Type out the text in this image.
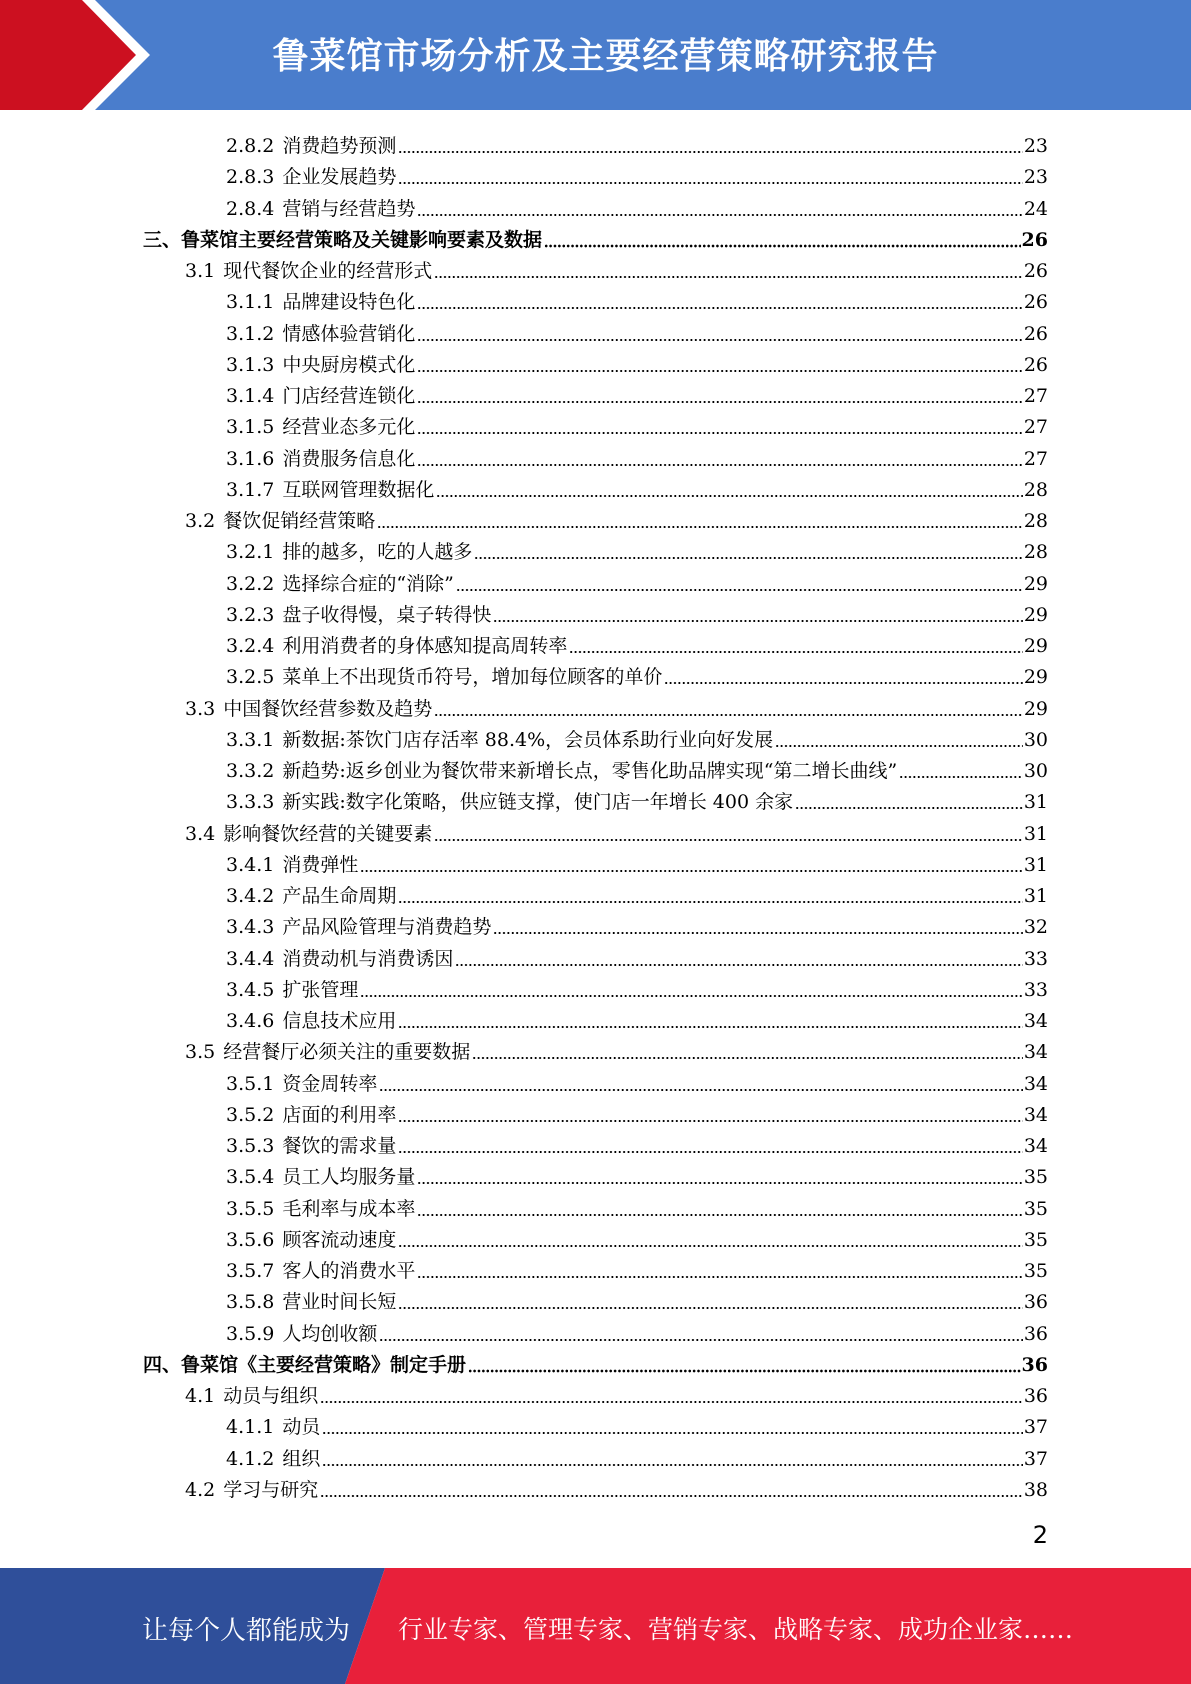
鲁菜馆市场分析及主要经营策略研究报告
2.8.2 消费趋势预测	23
2.8.3 企业发展趋势	23
2.8.4 营销与经营趋势	24
三、鲁菜馆主要经营策略及关键影响要素及数据	26
3.1 现代餐饮企业的经营形式	26
3.1.1 品牌建设特色化	26
3.1.2 情感体验营销化	26
3.1.3 中央厨房模式化	26
3.1.4 门店经营连锁化	27
3.1.5 经营业态多元化	27
3.1.6 消费服务信息化	27
3.1.7 互联网管理数据化	28
3.2 餐饮促销经营策略	28
3.2.1 排的越多，吃的人越多	28
3.2.2 选择综合症的“消除”	29
3.2.3 盘子收得慢，桌子转得快	29
3.2.4 利用消费者的身体感知提高周转率	29
3.2.5 菜单上不出现货币符号，增加每位顾客的单价	29
3.3 中国餐饮经营参数及趋势	29
3.3.1 新数据:茶饮门店存活率 88.4%，会员体系助行业向好发展	30
3.3.2 新趋势:返乡创业为餐饮带来新增长点，零售化助品牌实现“第二增长曲线”	30
3.3.3 新实践:数字化策略，供应链支撑，使门店一年增长 400 余家	31
3.4 影响餐饮经营的关键要素	31
3.4.1 消费弹性	31
3.4.2 产品生命周期	31
3.4.3 产品风险管理与消费趋势	32
3.4.4 消费动机与消费诱因	33
3.4.5 扩张管理	33
3.4.6 信息技术应用	34
3.5 经营餐厅必须关注的重要数据	34
3.5.1 资金周转率	34
3.5.2 店面的利用率	34
3.5.3 餐饮的需求量	34
3.5.4 员工人均服务量	35
3.5.5 毛利率与成本率	35
3.5.6 顾客流动速度	35
3.5.7 客人的消费水平	35
3.5.8 营业时间长短	36
3.5.9 人均创收额	36
四、鲁菜馆《主要经营策略》制定手册	36
4.1 动员与组织	36
4.1.1 动员	37
4.1.2 组织	37
4.2 学习与研究	38
2
让每个人都能成为 行业专家、管理专家、营销专家、战略专家、成功企业家……
